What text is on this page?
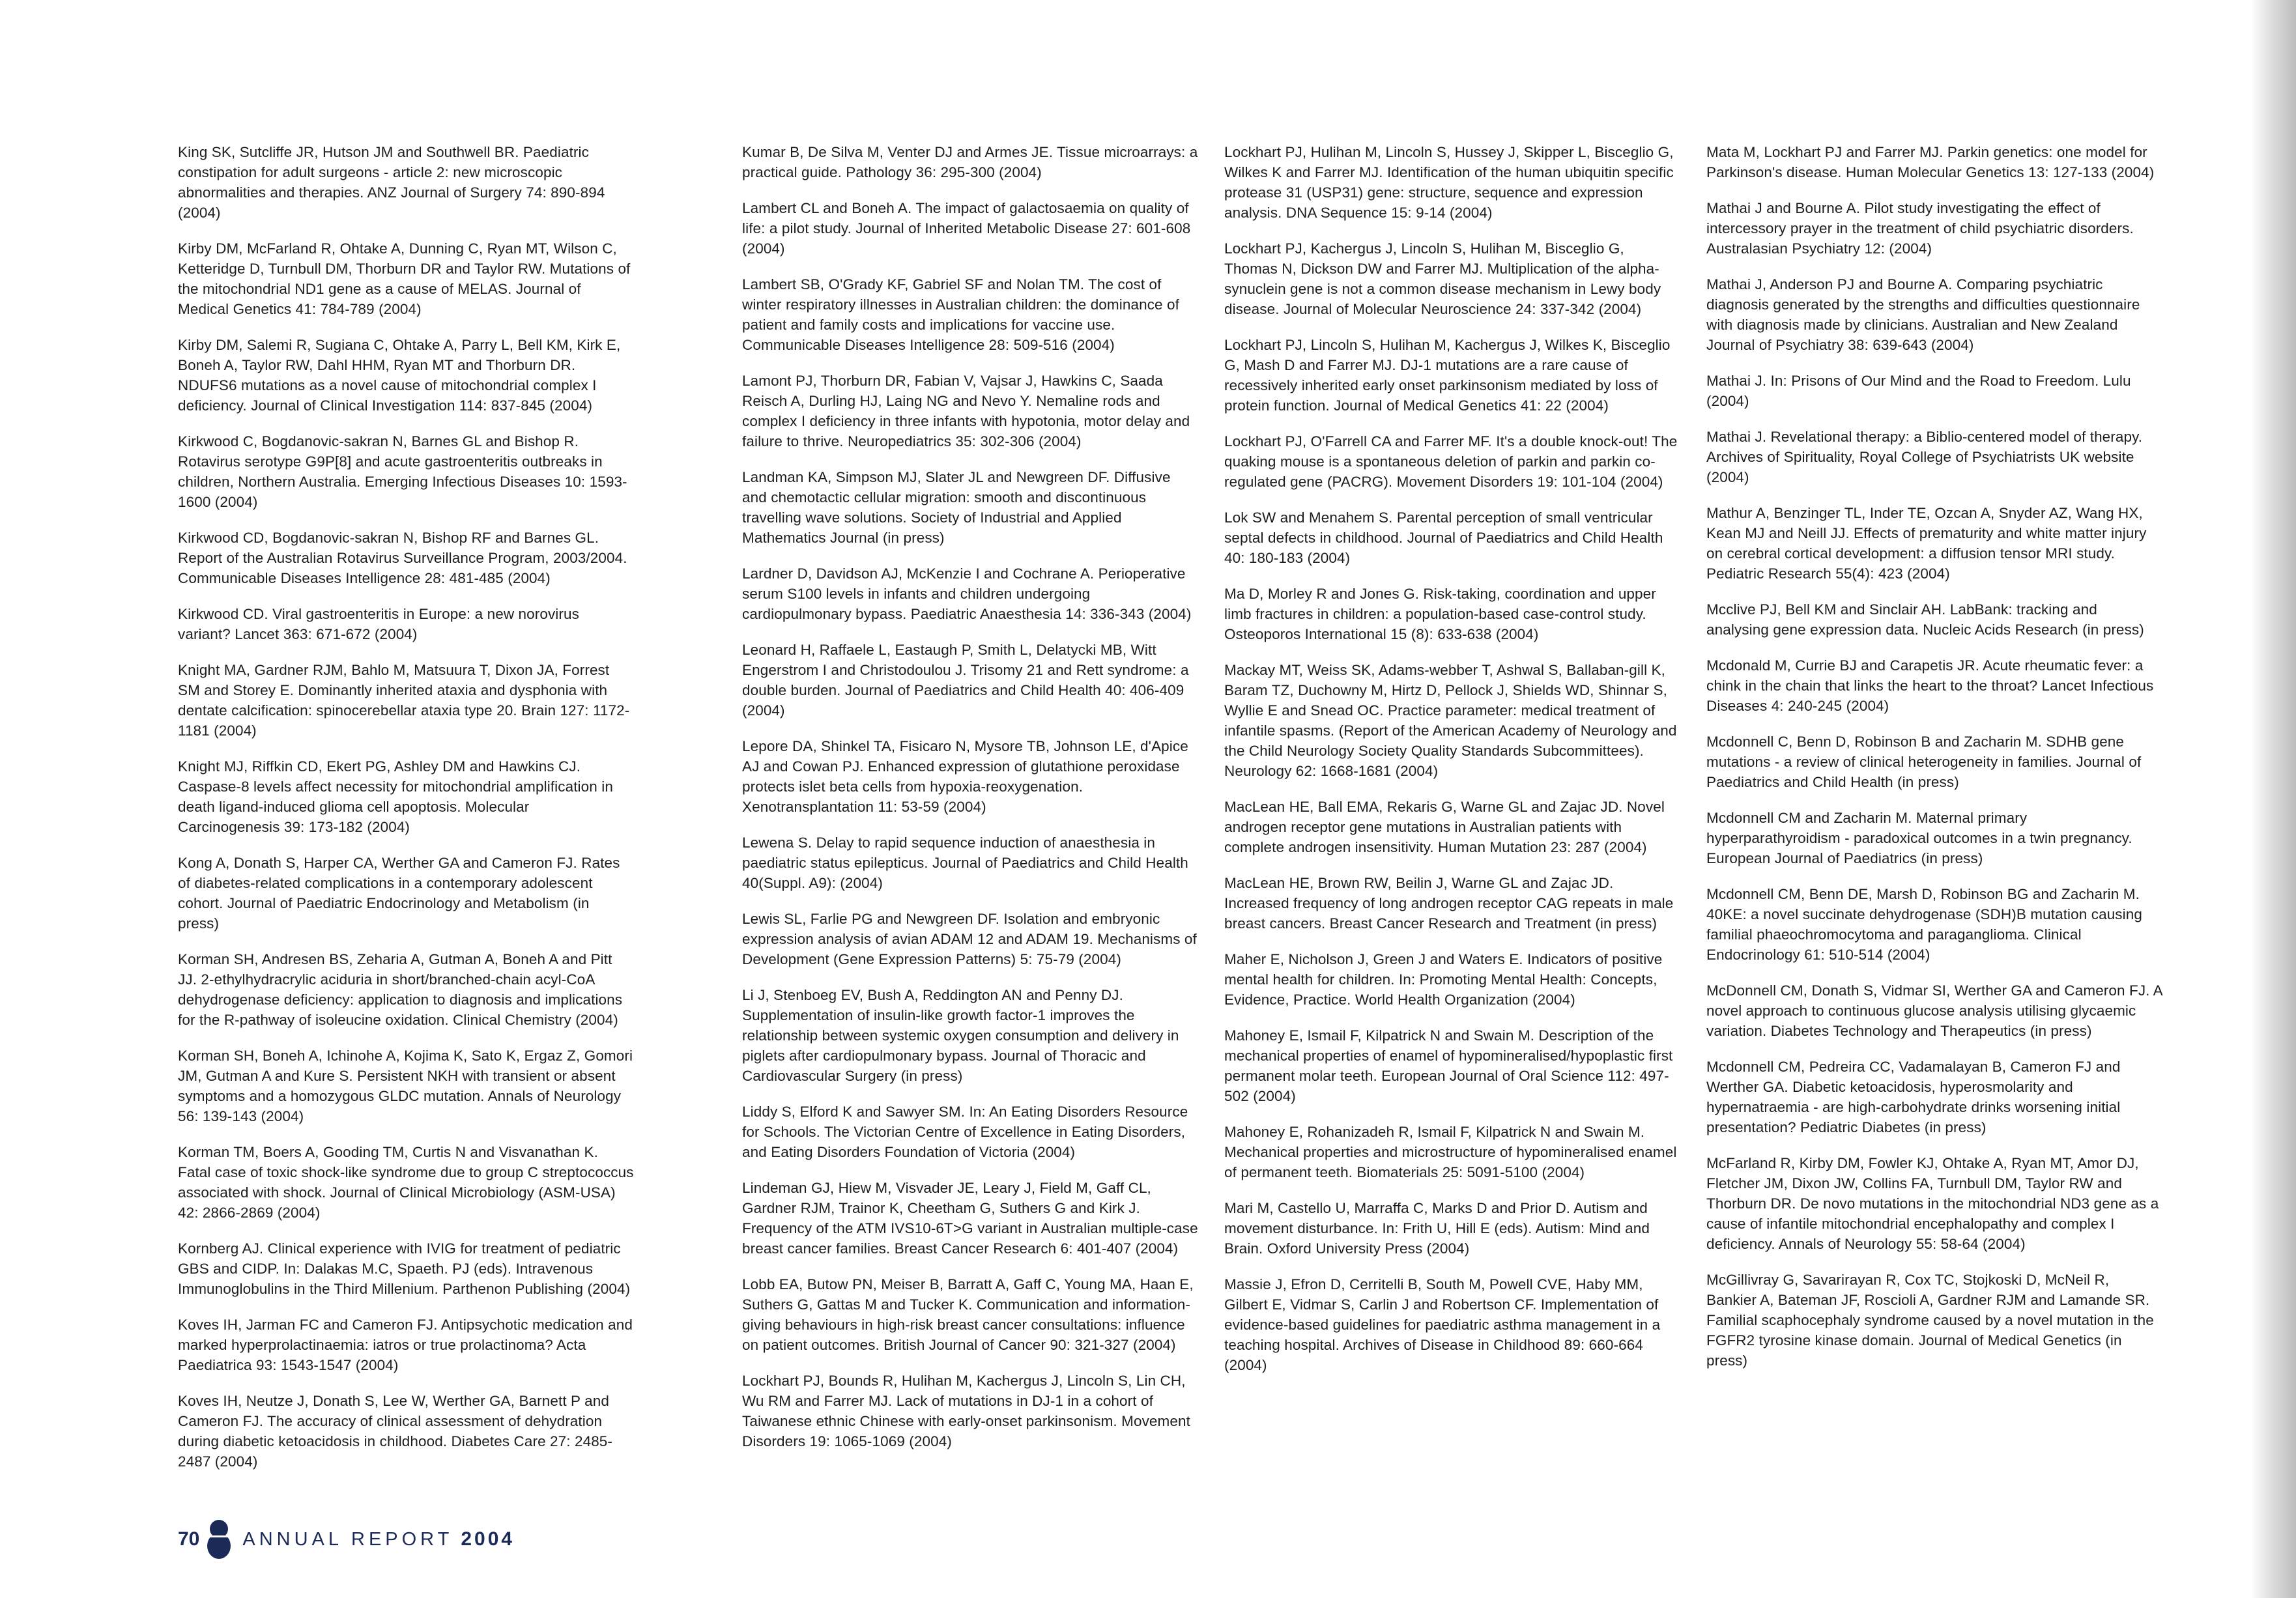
King SK, Sutcliffe JR, Hutson JM and Southwell BR. Paediatric constipation for adult surgeons - article 2: new microscopic abnormalities and therapies. ANZ Journal of Surgery 74: 890-894 (2004)

Kirby DM, McFarland R, Ohtake A, Dunning C, Ryan MT, Wilson C, Ketteridge D, Turnbull DM, Thorburn DR and Taylor RW. Mutations of the mitochondrial ND1 gene as a cause of MELAS. Journal of Medical Genetics 41: 784-789 (2004)

Kirby DM, Salemi R, Sugiana C, Ohtake A, Parry L, Bell KM, Kirk E, Boneh A, Taylor RW, Dahl HHM, Ryan MT and Thorburn DR. NDUFS6 mutations as a novel cause of mitochondrial complex I deficiency. Journal of Clinical Investigation 114: 837-845 (2004)

Kirkwood C, Bogdanovic-sakran N, Barnes GL and Bishop R. Rotavirus serotype G9P[8] and acute gastroenteritis outbreaks in children, Northern Australia. Emerging Infectious Diseases 10: 1593-1600 (2004)

Kirkwood CD, Bogdanovic-sakran N, Bishop RF and Barnes GL. Report of the Australian Rotavirus Surveillance Program, 2003/2004. Communicable Diseases Intelligence 28: 481-485 (2004)

Kirkwood CD. Viral gastroenteritis in Europe: a new norovirus variant? Lancet 363: 671-672 (2004)

Knight MA, Gardner RJM, Bahlo M, Matsuura T, Dixon JA, Forrest SM and Storey E. Dominantly inherited ataxia and dysphonia with dentate calcification: spinocerebellar ataxia type 20. Brain 127: 1172-1181 (2004)

Knight MJ, Riffkin CD, Ekert PG, Ashley DM and Hawkins CJ. Caspase-8 levels affect necessity for mitochondrial amplification in death ligand-induced glioma cell apoptosis. Molecular Carcinogenesis 39: 173-182 (2004)

Kong A, Donath S, Harper CA, Werther GA and Cameron FJ. Rates of diabetes-related complications in a contemporary adolescent cohort. Journal of Paediatric Endocrinology and Metabolism (in press)

Korman SH, Andresen BS, Zeharia A, Gutman A, Boneh A and Pitt JJ. 2-ethylhydracrylic aciduria in short/branched-chain acyl-CoA dehydrogenase deficiency: application to diagnosis and implications for the R-pathway of isoleucine oxidation. Clinical Chemistry (2004)

Korman SH, Boneh A, Ichinohe A, Kojima K, Sato K, Ergaz Z, Gomori JM, Gutman A and Kure S. Persistent NKH with transient or absent symptoms and a homozygous GLDC mutation. Annals of Neurology 56: 139-143 (2004)

Korman TM, Boers A, Gooding TM, Curtis N and Visvanathan K. Fatal case of toxic shock-like syndrome due to group C streptococcus associated with shock. Journal of Clinical Microbiology (ASM-USA) 42: 2866-2869 (2004)

Kornberg AJ. Clinical experience with IVIG for treatment of pediatric GBS and CIDP. In: Dalakas M.C, Spaeth. PJ (eds). Intravenous Immunoglobulins in the Third Millenium. Parthenon Publishing (2004)

Koves IH, Jarman FC and Cameron FJ. Antipsychotic medication and marked hyperprolactinaemia: iatros or true prolactinoma? Acta Paediatrica 93: 1543-1547 (2004)

Koves IH, Neutze J, Donath S, Lee W, Werther GA, Barnett P and Cameron FJ. The accuracy of clinical assessment of dehydration during diabetic ketoacidosis in childhood. Diabetes Care 27: 2485-2487 (2004)

Kumar B, De Silva M, Venter DJ and Armes JE. Tissue microarrays: a practical guide. Pathology 36: 295-300 (2004)

Lambert CL and Boneh A. The impact of galactosaemia on quality of life: a pilot study. Journal of Inherited Metabolic Disease 27: 601-608 (2004)

Lambert SB, O'Grady KF, Gabriel SF and Nolan TM. The cost of winter respiratory illnesses in Australian children: the dominance of patient and family costs and implications for vaccine use. Communicable Diseases Intelligence 28: 509-516 (2004)

Lamont PJ, Thorburn DR, Fabian V, Vajsar J, Hawkins C, Saada Reisch A, Durling HJ, Laing NG and Nevo Y. Nemaline rods and complex I deficiency in three infants with hypotonia, motor delay and failure to thrive. Neuropediatrics 35: 302-306 (2004)

Landman KA, Simpson MJ, Slater JL and Newgreen DF. Diffusive and chemotactic cellular migration: smooth and discontinuous travelling wave solutions. Society of Industrial and Applied Mathematics Journal (in press)

Lardner D, Davidson AJ, McKenzie I and Cochrane A. Perioperative serum S100 levels in infants and children undergoing cardiopulmonary bypass. Paediatric Anaesthesia 14: 336-343 (2004)

Leonard H, Raffaele L, Eastaugh P, Smith L, Delatycki MB, Witt Engerstrom I and Christodoulou J. Trisomy 21 and Rett syndrome: a double burden. Journal of Paediatrics and Child Health 40: 406-409 (2004)

Lepore DA, Shinkel TA, Fisicaro N, Mysore TB, Johnson LE, d'Apice AJ and Cowan PJ. Enhanced expression of glutathione peroxidase protects islet beta cells from hypoxia-reoxygenation. Xenotransplantation 11: 53-59 (2004)

Lewena S. Delay to rapid sequence induction of anaesthesia in paediatric status epilepticus. Journal of Paediatrics and Child Health 40(Suppl. A9): (2004)

Lewis SL, Farlie PG and Newgreen DF. Isolation and embryonic expression analysis of avian ADAM 12 and ADAM 19. Mechanisms of Development (Gene Expression Patterns) 5: 75-79 (2004)

Li J, Stenboeg EV, Bush A, Reddington AN and Penny DJ. Supplementation of insulin-like growth factor-1 improves the relationship between systemic oxygen consumption and delivery in piglets after cardiopulmonary bypass. Journal of Thoracic and Cardiovascular Surgery (in press)

Liddy S, Elford K and Sawyer SM. In: An Eating Disorders Resource for Schools. The Victorian Centre of Excellence in Eating Disorders, and Eating Disorders Foundation of Victoria (2004)

Lindeman GJ, Hiew M, Visvader JE, Leary J, Field M, Gaff CL, Gardner RJM, Trainor K, Cheetham G, Suthers G and Kirk J. Frequency of the ATM IVS10-6T>G variant in Australian multiple-case breast cancer families. Breast Cancer Research 6: 401-407 (2004)

Lobb EA, Butow PN, Meiser B, Barratt A, Gaff C, Young MA, Haan E, Suthers G, Gattas M and Tucker K. Communication and information-giving behaviours in high-risk breast cancer consultations: influence on patient outcomes. British Journal of Cancer 90: 321-327 (2004)

Lockhart PJ, Bounds R, Hulihan M, Kachergus J, Lincoln S, Lin CH, Wu RM and Farrer MJ. Lack of mutations in DJ-1 in a cohort of Taiwanese ethnic Chinese with early-onset parkinsonism. Movement Disorders 19: 1065-1069 (2004)

Lockhart PJ, Hulihan M, Lincoln S, Hussey J, Skipper L, Bisceglio G, Wilkes K and Farrer MJ. Identification of the human ubiquitin specific protease 31 (USP31) gene: structure, sequence and expression analysis. DNA Sequence 15: 9-14 (2004)

Lockhart PJ, Kachergus J, Lincoln S, Hulihan M, Bisceglio G, Thomas N, Dickson DW and Farrer MJ. Multiplication of the alpha-synuclein gene is not a common disease mechanism in Lewy body disease. Journal of Molecular Neuroscience 24: 337-342 (2004)

Lockhart PJ, Lincoln S, Hulihan M, Kachergus J, Wilkes K, Bisceglio G, Mash D and Farrer MJ. DJ-1 mutations are a rare cause of recessively inherited early onset parkinsonism mediated by loss of protein function. Journal of Medical Genetics 41: 22 (2004)

Lockhart PJ, O'Farrell CA and Farrer MF. It's a double knock-out! The quaking mouse is a spontaneous deletion of parkin and parkin co-regulated gene (PACRG). Movement Disorders 19: 101-104 (2004)

Lok SW and Menahem S. Parental perception of small ventricular septal defects in childhood. Journal of Paediatrics and Child Health 40: 180-183 (2004)

Ma D, Morley R and Jones G. Risk-taking, coordination and upper limb fractures in children: a population-based case-control study. Osteoporos International 15 (8): 633-638 (2004)

Mackay MT, Weiss SK, Adams-webber T, Ashwal S, Ballaban-gill K, Baram TZ, Duchowny M, Hirtz D, Pellock J, Shields WD, Shinnar S, Wyllie E and Snead OC. Practice parameter: medical treatment of infantile spasms. (Report of the American Academy of Neurology and the Child Neurology Society Quality Standards Subcommittees). Neurology 62: 1668-1681 (2004)

MacLean HE, Ball EMA, Rekaris G, Warne GL and Zajac JD. Novel androgen receptor gene mutations in Australian patients with complete androgen insensitivity. Human Mutation 23: 287 (2004)

MacLean HE, Brown RW, Beilin J, Warne GL and Zajac JD. Increased frequency of long androgen receptor CAG repeats in male breast cancers. Breast Cancer Research and Treatment (in press)

Maher E, Nicholson J, Green J and Waters E. Indicators of positive mental health for children. In: Promoting Mental Health: Concepts, Evidence, Practice. World Health Organization (2004)

Mahoney E, Ismail F, Kilpatrick N and Swain M. Description of the mechanical properties of enamel of hypomineralised/hypoplastic first permanent molar teeth. European Journal of Oral Science 112: 497-502 (2004)

Mahoney E, Rohanizadeh R, Ismail F, Kilpatrick N and Swain M. Mechanical properties and microstructure of hypomineralised enamel of permanent teeth. Biomaterials 25: 5091-5100 (2004)

Mari M, Castello U, Marraffa C, Marks D and Prior D. Autism and movement disturbance. In: Frith U, Hill E (eds). Autism: Mind and Brain. Oxford University Press (2004)

Massie J, Efron D, Cerritelli B, South M, Powell CVE, Haby MM, Gilbert E, Vidmar S, Carlin J and Robertson CF. Implementation of evidence-based guidelines for paediatric asthma management in a teaching hospital. Archives of Disease in Childhood 89: 660-664 (2004)

Mata M, Lockhart PJ and Farrer MJ. Parkin genetics: one model for Parkinson's disease. Human Molecular Genetics 13: 127-133 (2004)

Mathai J and Bourne A. Pilot study investigating the effect of intercessory prayer in the treatment of child psychiatric disorders. Australasian Psychiatry 12: (2004)

Mathai J, Anderson PJ and Bourne A. Comparing psychiatric diagnosis generated by the strengths and difficulties questionnaire with diagnosis made by clinicians. Australian and New Zealand Journal of Psychiatry 38: 639-643 (2004)

Mathai J. In: Prisons of Our Mind and the Road to Freedom. Lulu (2004)

Mathai J. Revelational therapy: a Biblio-centered model of therapy. Archives of Spirituality, Royal College of Psychiatrists UK website (2004)

Mathur A, Benzinger TL, Inder TE, Ozcan A, Snyder AZ, Wang HX, Kean MJ and Neill JJ. Effects of prematurity and white matter injury on cerebral cortical development: a diffusion tensor MRI study. Pediatric Research 55(4): 423 (2004)

Mcclive PJ, Bell KM and Sinclair AH. LabBank: tracking and analysing gene expression data. Nucleic Acids Research (in press)

Mcdonald M, Currie BJ and Carapetis JR. Acute rheumatic fever: a chink in the chain that links the heart to the throat? Lancet Infectious Diseases 4: 240-245 (2004)

Mcdonnell C, Benn D, Robinson B and Zacharin M. SDHB gene mutations - a review of clinical heterogeneity in families. Journal of Paediatrics and Child Health (in press)

Mcdonnell CM and Zacharin M. Maternal primary hyperparathyroidism - paradoxical outcomes in a twin pregnancy. European Journal of Paediatrics (in press)

Mcdonnell CM, Benn DE, Marsh D, Robinson BG and Zacharin M. 40KE: a novel succinate dehydrogenase (SDH)B mutation causing familial phaeochromocytoma and paraganglioma. Clinical Endocrinology 61: 510-514 (2004)

McDonnell CM, Donath S, Vidmar SI, Werther GA and Cameron FJ. A novel approach to continuous glucose analysis utilising glycaemic variation. Diabetes Technology and Therapeutics (in press)

Mcdonnell CM, Pedreira CC, Vadamalayan B, Cameron FJ and Werther GA. Diabetic ketoacidosis, hyperosmolarity and hypernatraemia - are high-carbohydrate drinks worsening initial presentation? Pediatric Diabetes (in press)

McFarland R, Kirby DM, Fowler KJ, Ohtake A, Ryan MT, Amor DJ, Fletcher JM, Dixon JW, Collins FA, Turnbull DM, Taylor RW and Thorburn DR. De novo mutations in the mitochondrial ND3 gene as a cause of infantile mitochondrial encephalopathy and complex I deficiency. Annals of Neurology 55: 58-64 (2004)

McGillivray G, Savarirayan R, Cox TC, Stojkoski D, McNeil R, Bankier A, Bateman JF, Roscioli A, Gardner RJM and Lamande SR. Familial scaphocephaly syndrome caused by a novel mutation in the FGFR2 tyrosine kinase domain. Journal of Medical Genetics (in press)

70 ANNUAL REPORT 2004
